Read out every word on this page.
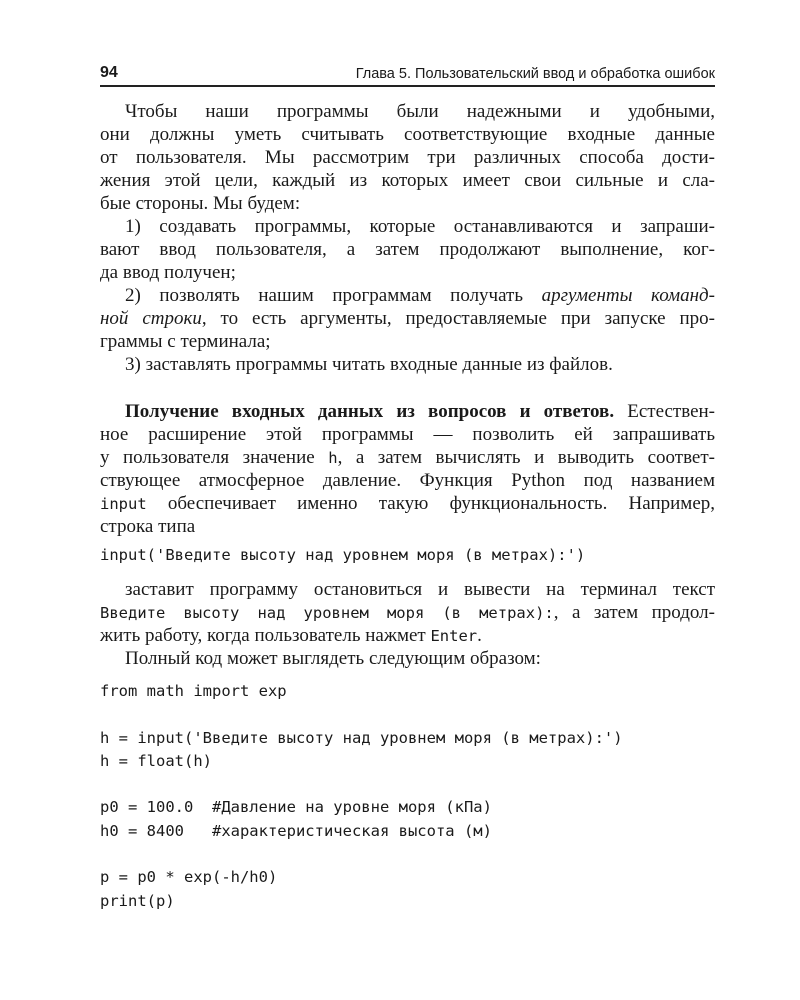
94	Глава 5. Пользовательский ввод и обработка ошибок
Чтобы наши программы были надежными и удобными,
они должны уметь считывать соответствующие входные данные
от пользователя. Мы рассмотрим три различных способа дости-
жения этой цели, каждый из которых имеет свои сильные и сла-
бые стороны. Мы будем:
1) создавать программы, которые останавливаются и запраши-
вают ввод пользователя, а затем продолжают выполнение, ког-
да ввод получен;
2) позволять нашим программам получать аргументы команд-
ной строки, то есть аргументы, предоставляемые при запуске про-
граммы с терминала;
3) заставлять программы читать входные данные из файлов.
Получение входных данных из вопросов и ответов. Естествен-
ное расширение этой программы — позволить ей запрашивать
у пользователя значение h, а затем вычислять и выводить соответ-
ствующее атмосферное давление. Функция Python под названием
input обеспечивает именно такую функциональность. Например,
строка типа
input('Введите высоту над уровнем моря (в метрах):')
заставит программу остановиться и вывести на терминал текст
Введите высоту над уровнем моря (в метрах):, а затем продол-
жить работу, когда пользователь нажмет Enter.
Полный код может выглядеть следующим образом:
from math import exp
h = input('Введите высоту над уровнем моря (в метрах):')
h = float(h)
p0 = 100.0  #Давление на уровне моря (кПа)
h0 = 8400   #характеристическая высота (м)
p = p0 * exp(-h/h0)
print(p)
